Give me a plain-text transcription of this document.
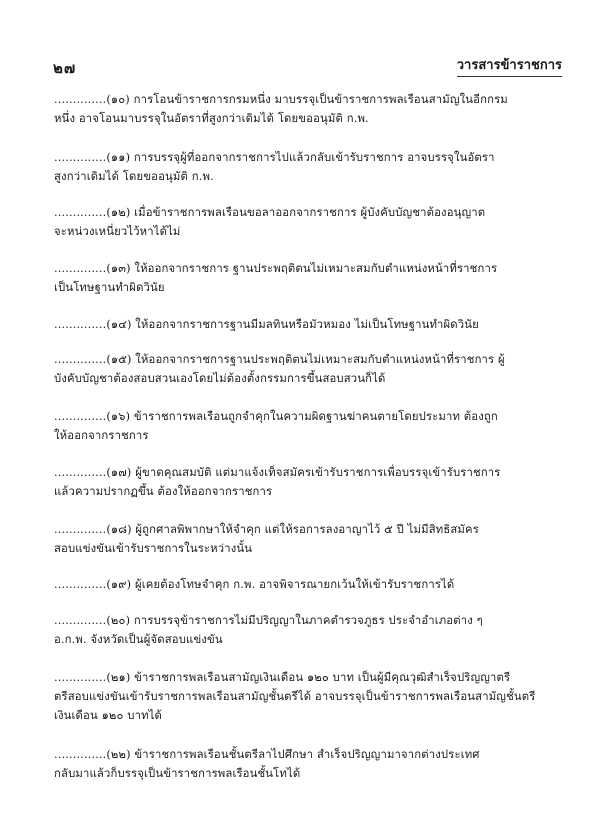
๒๗	วารสารข้าราชการ
..............(๑๐) การโอนข้าราชการกรมหนึ่ง มาบรรจุเป็นข้าราชการพลเรือนสามัญในอีกกรม
หนึ่ง อาจโอนมาบรรจุในอัตราที่สูงกว่าเดิมได้ โดยขออนุมัติ ก.พ.
..............(๑๑) การบรรจุผู้ที่ออกจากราชการไปแล้วกลับเข้ารับราชการ อาจบรรจุในอัตรา
สูงกว่าเดิมได้ โดยขออนุมัติ ก.พ.
..............(๑๒) เมื่อข้าราชการพลเรือนขอลาออกจากราชการ ผู้บังคับบัญชาต้องอนุญาต
จะหน่วงเหนี่ยวไว้หาได้ไม่
..............(๑๓) ให้ออกจากราชการ ฐานประพฤติตนไม่เหมาะสมกับตำแหน่งหน้าที่ราชการ
เป็นโทษฐานทำผิดวินัย
..............(๑๔) ให้ออกจากราชการฐานมีมลทินหรือมัวหมอง ไม่เป็นโทษฐานทำผิดวินัย
..............(๑๕) ให้ออกจากราชการฐานประพฤติตนไม่เหมาะสมกับตำแหน่งหน้าที่ราชการ ผู้
บังคับบัญชาต้องสอบสวนเองโดยไม่ต้องตั้งกรรมการขึ้นสอบสวนก็ได้
..............(๑๖) ข้าราชการพลเรือนถูกจำคุกในความผิดฐานฆ่าคนตายโดยประมาท ต้องถูก
ให้ออกจากราชการ
..............(๑๗) ผู้ขาดคุณสมบัติ แต่มาแจ้งเท็จสมัครเข้ารับราชการเพื่อบรรจุเข้ารับราชการ
แล้วความปรากฏขึ้น ต้องให้ออกจากราชการ
..............(๑๘) ผู้ถูกศาลพิพากษาให้จำคุก แต่ให้รอการลงอาญาไว้ ๕ ปี ไม่มีสิทธิสมัคร
สอบแข่งขันเข้ารับราชการในระหว่างนั้น
..............(๑๙) ผู้เคยต้องโทษจำคุก ก.พ. อาจพิจารณายกเว้นให้เข้ารับราชการได้
..............(๒๐) การบรรจุข้าราชการไม่มีปริญญาในภาคตำรวจภูธร ประจำอำเภอต่าง ๆ
อ.ก.พ. จังหวัดเป็นผู้จัดสอบแข่งขัน
..............(๒๑) ข้าราชการพลเรือนสามัญเงินเดือน ๑๒๐ บาท เป็นผู้มีคุณวุฒิสำเร็จปริญญาตรี
ตรีสอบแข่งขันเข้ารับราชการพลเรือนสามัญชั้นตรีได้ อาจบรรจุเป็นข้าราชการพลเรือนสามัญชั้นตรี
เงินเดือน ๑๒๐ บาทได้
..............(๒๒) ข้าราชการพลเรือนชั้นตรีลาไปศึกษา สำเร็จปริญญามาจากต่างประเทศ
กลับมาแล้วก็บรรจุเป็นข้าราชการพลเรือนชั้นโทได้
